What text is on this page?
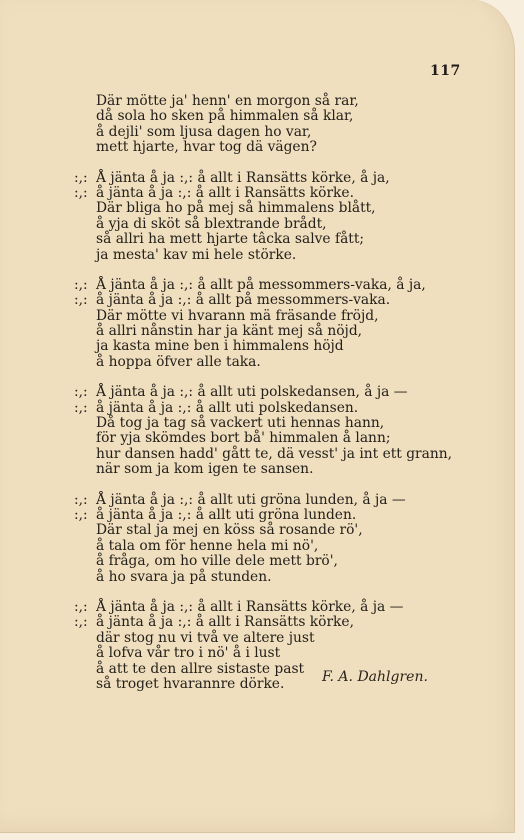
117
Där mötte ja' henn' en morgon så rar,
då sola ho sken på himmalen så klar,
å dejli' som ljusa dagen ho var,
mett hjarte, hvar tog dä vägen?
:,: Å jänta å ja :,: å allt i Ransätts körke, å ja,
:,: å jänta å ja :,: å allt i Ransätts körke.
Där bliga ho på mej så himmalens blått,
å yja di sköt så blextrande brådt,
så allri ha mett hjarte tâcka salve fått;
ja mesta' kav mi hele störke.
:,: Å jänta å ja :,: å allt på messommers-vaka, å ja,
:,: å jänta å ja :,: å allt på messommers-vaka.
Där mötte vi hvarann mä fräsande fröjd,
å allri nånstin har ja känt mej så nöjd,
ja kasta mine ben i himmalens höjd
å hoppa öfver alle taka.
:,: Å jänta å ja :,: å allt uti polskedansen, å ja —
:,: å jänta å ja :,: å allt uti polskedansen.
Då tog ja tag så vackert uti hennas hann,
för yja skömdes bort bå' himmalen å lann;
hur dansen hadd' gått te, dä vesst' ja int ett grann,
när som ja kom igen te sansen.
:,: Å jänta å ja :,: å allt uti gröna lunden, å ja —
:,: å jänta å ja :,: å allt uti gröna lunden.
Där stal ja mej en köss så rosande rö',
å tala om för henne hela mi nö',
å fråga, om ho ville dele mett brö',
å ho svara ja på stunden.
:,: Å jänta å ja :,: å allt i Ransätts körke, å ja —
:,: å jänta å ja :,: å allt i Ransätts körke,
där stog nu vi två ve altere just
å lofva vår tro i nö' å i lust
å att te den allre sistaste past
så troget hvarannre dörke.	F. A. Dahlgren.
